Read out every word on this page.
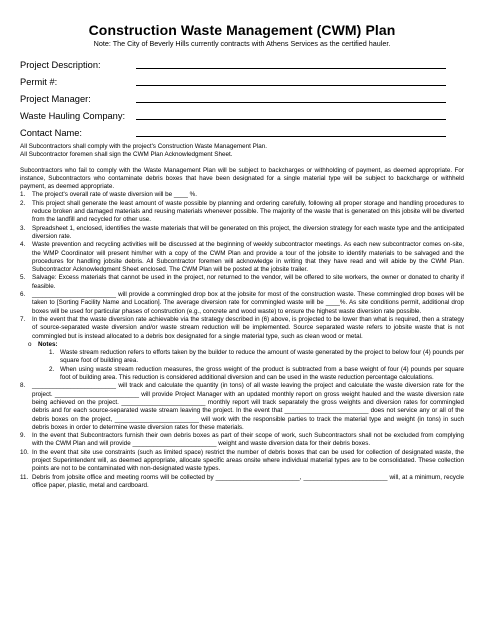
Construction Waste Management (CWM) Plan

Note: The City of Beverly Hills currently contracts with Athens Services as the certified hauler.

Project Description:
Permit #:
Project Manager:
Waste Hauling Company:
Contact Name:
All Subcontractors shall comply with the project's Construction Waste Management Plan.
All Subcontractor foremen shall sign the CWM Plan Acknowledgment Sheet.
Subcontractors who fail to comply with the Waste Management Plan will be subject to backcharges or withholding of payment, as deemed appropriate. For instance, Subcontractors who contaminate debris boxes that have been designated for a single material type will be subject to backcharge or withheld payment, as deemed appropriate.
1.	The project's overall rate of waste diversion will be ____ %.
2.	This project shall generate the least amount of waste possible by planning and ordering carefully, following all proper storage and handling procedures to reduce broken and damaged materials and reusing materials whenever possible. The majority of the waste that is generated on this jobsite will be diverted from the landfill and recycled for other use.
3.	Spreadsheet 1, enclosed, identifies the waste materials that will be generated on this project, the diversion strategy for each waste type and the anticipated diversion rate.
4.	Waste prevention and recycling activities will be discussed at the beginning of weekly subcontractor meetings. As each new subcontractor comes on-site, the WMP Coordinator will present him/her with a copy of the CWM Plan and provide a tour of the jobsite to identify materials to be salvaged and the procedures for handling jobsite debris. All Subcontractor foremen will acknowledge in writing that they have read and will abide by the CWM Plan. Subcontractor Acknowledgment Sheet enclosed. The CWM Plan will be posted at the jobsite trailer.
5.	Salvage: Excess materials that cannot be used in the project, nor returned to the vendor, will be offered to site workers, the owner or donated to charity if feasible.
6.	________________________ will provide a commingled drop box at the jobsite for most of the construction waste. These commingled drop boxes will be taken to [Sorting Facility Name and Location]. The average diversion rate for commingled waste will be ____%. As site conditions permit, additional drop boxes will be used for particular phases of construction (e.g., concrete and wood waste) to ensure the highest waste diversion rate possible.
7.	In the event that the waste diversion rate achievable via the strategy described in (6) above, is projected to be lower than what is required, then a strategy of source-separated waste diversion and/or waste stream reduction will be implemented. Source separated waste refers to jobsite waste that is not commingled but is instead allocated to a debris box designated for a single material type, such as clean wood or metal.
o	Notes:
1. Waste stream reduction refers to efforts taken by the builder to reduce the amount of waste generated by the project to below four (4) pounds per square foot of building area.
2. When using waste stream reduction measures, the gross weight of the product is subtracted from a base weight of four (4) pounds per square foot of building area. This reduction is considered additional diversion and can be used in the waste reduction percentage calculations.
8.	________________________ will track and calculate the quantity (in tons) of all waste leaving the project and calculate the waste diversion rate for the project. ________________________ will provide Project Manager with an updated monthly report on gross weight hauled and the waste diversion rate being achieved on the project. ________________________ monthly report will track separately the gross weights and diversion rates for commingled debris and for each source-separated waste stream leaving the project. In the event that ________________________ does not service any or all of the debris boxes on the project, ________________________ will work with the responsible parties to track the material type and weight (in tons) in such debris boxes in order to determine waste diversion rates for these materials.
9.	In the event that Subcontractors furnish their own debris boxes as part of their scope of work, such Subcontractors shall not be excluded from complying with the CWM Plan and will provide ________________________ weight and waste diversion data for their debris boxes.
10. In the event that site use constraints (such as limited space) restrict the number of debris boxes that can be used for collection of designated waste, the project Superintendent will, as deemed appropriate, allocate specific areas onsite where individual material types are to be consolidated. These collection points are not to be contaminated with non-designated waste types.
11. Debris from jobsite office and meeting rooms will be collected by ________________________, ________________________ will, at a minimum, recycle office paper, plastic, metal and cardboard.
